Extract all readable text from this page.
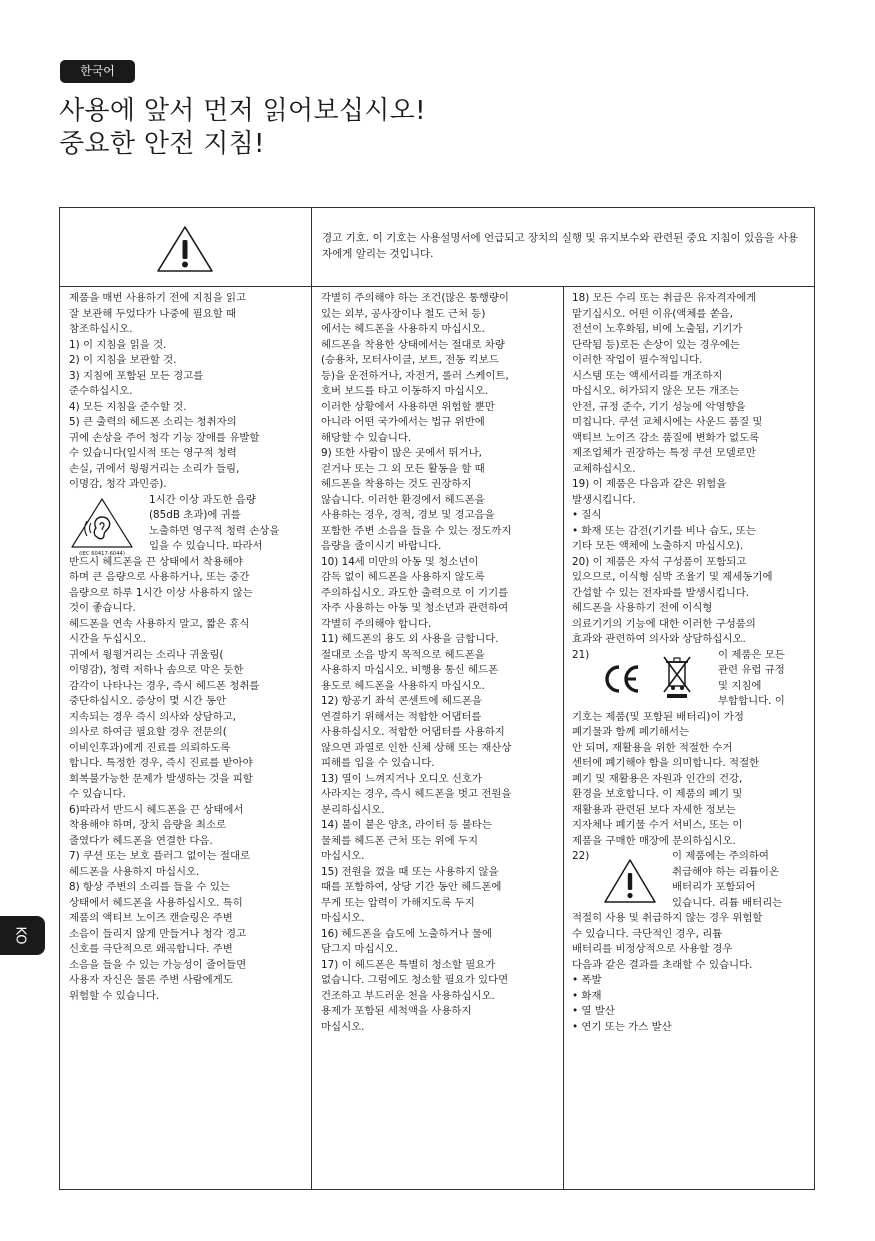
한국어
사용에 앞서 먼저 읽어보십시오!
중요한 안전 지침!
KO
경고 기호. 이 기호는 사용설명서에 언급되고 장치의 실행 및 유지보수와 관련된 중요 지침이 있음을 사용자에게 알리는 것입니다.

제품을 매번 사용하기 전에 지침을 읽고

잘 보관해 두었다가 나중에 필요할 때

참조하십시오.

1) 이 지침을 읽을 것.

2) 이 지침을 보관할 것.

3) 지침에 포함된 모든 경고를

준수하십시오.

4) 모든 지침을 준수할 것.

5) 큰 출력의 헤드폰 소리는 청취자의

귀에 손상을 주어 청각 기능 장애를 유발할

수 있습니다(일시적 또는 영구적 청력

손실, 귀에서 윙윙거리는 소리가 들림,

이명감, 청각 과민증).

(IEC 60417-6044)

1시간 이상 과도한 음량

(85dB 초과)에 귀를

노출하면 영구적 청력 손상을

입을 수 있습니다. 따라서

반드시 헤드폰을 끈 상태에서 착용해야

하며 큰 음량으로 사용하거나, 또는 중간

음량으로 하루 1시간 이상 사용하지 않는

것이 좋습니다.

헤드폰을 연속 사용하지 말고, 짧은 휴식

시간을 두십시오.

귀에서 윙윙거리는 소리나 귀울림(

이명감), 청력 저하나 솜으로 막은 듯한

감각이 나타나는 경우, 즉시 헤드폰 청취를

중단하십시오. 증상이 몇 시간 동안

지속되는 경우 즉시 의사와 상담하고,

의사로 하여금 필요할 경우 전문의(

이비인후과)에게 진료를 의뢰하도록

합니다. 특정한 경우, 즉시 진료를 받아야

회복불가능한 문제가 발생하는 것을 피할

수 있습니다.

6)따라서 반드시 헤드폰을 끈 상태에서

착용해야 하며, 장치 음량을 최소로

줄였다가 헤드폰을 연결한 다음.

7) 쿠션 또는 보호 플러그 없이는 절대로

헤드폰을 사용하지 마십시오.

8) 항상 주변의 소리를 들을 수 있는

상태에서 헤드폰을 사용하십시오. 특히

제품의 액티브 노이즈 캔슬링은 주변

소음이 들리지 않게 만들거나 청각 경고

신호를 극단적으로 왜곡합니다. 주변

소음을 들을 수 있는 가능성이 줄어들면

사용자 자신은 물론 주변 사람에게도

위험할 수 있습니다.

각별히 주의해야 하는 조건(많은 통행량이

있는 외부, 공사장이나 철도 근처 등)

에서는 헤드폰을 사용하지 마십시오.

헤드폰을 착용한 상태에서는 절대로 차량

(승용차, 모터사이클, 보트, 전동 킥보드

등)을 운전하거나, 자전거, 롤러 스케이트,

호버 보드를 타고 이동하지 마십시오.

이러한 상황에서 사용하면 위험할 뿐만

아니라 어떤 국가에서는 법규 위반에

해당할 수 있습니다.

9) 또한 사람이 많은 곳에서 뛰거나,

걷거나 또는 그 외 모든 활동을 할 때

헤드폰을 착용하는 것도 권장하지

않습니다. 이러한 환경에서 헤드폰을

사용하는 경우, 경적, 경보 및 경고음을

포함한 주변 소음을 들을 수 있는 정도까지

음량을 줄이시기 바랍니다.

10) 14세 미만의 아동 및 청소년이

감독 없이 헤드폰을 사용하지 않도록

주의하십시오. 과도한 출력으로 이 기기를

자주 사용하는 아동 및 청소년과 관련하여

각별히 주의해야 합니다.

11) 헤드폰의 용도 외 사용을 금합니다.

절대로 소음 방지 목적으로 헤드폰을

사용하지 마십시오. 비행용 통신 헤드폰

용도로 헤드폰을 사용하지 마십시오.

12) 항공기 좌석 콘센트에 헤드폰을

연결하기 위해서는 적합한 어댑터를

사용하십시오. 적합한 어댑터를 사용하지

않으면 과열로 인한 신체 상해 또는 재산상

피해를 입을 수 있습니다.

13) 열이 느껴지거나 오디오 신호가

사라지는 경우, 즉시 헤드폰을 벗고 전원을

분리하십시오.

14) 불이 붙은 양초, 라이터 등 불타는

물체를 헤드폰 근처 또는 위에 두지

마십시오.

15) 전원을 껐을 때 또는 사용하지 않을

때를 포함하여, 상당 기간 동안 헤드폰에

무게 또는 압력이 가해지도록 두지

마십시오.

16) 헤드폰을 습도에 노출하거나 물에

담그지 마십시오.

17) 이 헤드폰은 특별히 청소할 필요가

없습니다. 그럼에도 청소할 필요가 있다면

건조하고 부드러운 천을 사용하십시오.

용제가 포함된 세척액을 사용하지

마십시오.

18) 모든 수리 또는 취급은 유자격자에게

맡기십시오. 어떤 이유(액체를 쏟음,

전선이 노후화됨, 비에 노출됨, 기기가

단락됨 등)로든 손상이 있는 경우에는

이러한 작업이 필수적입니다.

시스템 또는 액세서리를 개조하지

마십시오. 허가되지 않은 모든 개조는

안전, 규정 준수, 기기 성능에 악영향을

미칩니다. 쿠션 교체시에는 사운드 품질 및

액티브 노이즈 감소 품질에 변화가 없도록

제조업체가 권장하는 특정 쿠션 모델로만

교체하십시오.

19) 이 제품은 다음과 같은 위험을

발생시킵니다.

• 질식

• 화재 또는 감전(기기를 비나 습도, 또는

기타 모든 액체에 노출하지 마십시오).

20) 이 제품은 자석 구성품이 포함되고

있으므로, 이식형 심박 조율기 및 제세동기에

간섭할 수 있는 전자파를 발생시킵니다.

헤드폰을 사용하기 전에 이식형

의료기기의 기능에 대한 이러한 구성품의

효과와 관련하여 의사와 상담하십시오.

21)	이 제품은 모든

관련 유럽 규정

및 지침에

부합합니다. 이

기호는 제품(및 포함된 배터리)이 가정

폐기물과 함께 폐기해서는

안 되며, 재활용을 위한 적절한 수거

센터에 폐기해야 함을 의미합니다. 적절한

폐기 및 재활용은 자원과 인간의 건강,

환경을 보호합니다. 이 제품의 폐기 및

재활용과 관련된 보다 자세한 정보는

지자체나 폐기물 수거 서비스, 또는 이

제품을 구매한 매장에 문의하십시오.

22)	이 제품에는 주의하여

취급해야 하는 리튬이온

배터리가 포함되어

있습니다. 리튬 배터리는

적절히 사용 및 취급하지 않는 경우 위험할

수 있습니다. 극단적인 경우, 리튬

배터리를 비정상적으로 사용할 경우

다음과 같은 결과를 초래할 수 있습니다.

• 폭발

• 화재

• 열 발산

• 연기 또는 가스 발산
